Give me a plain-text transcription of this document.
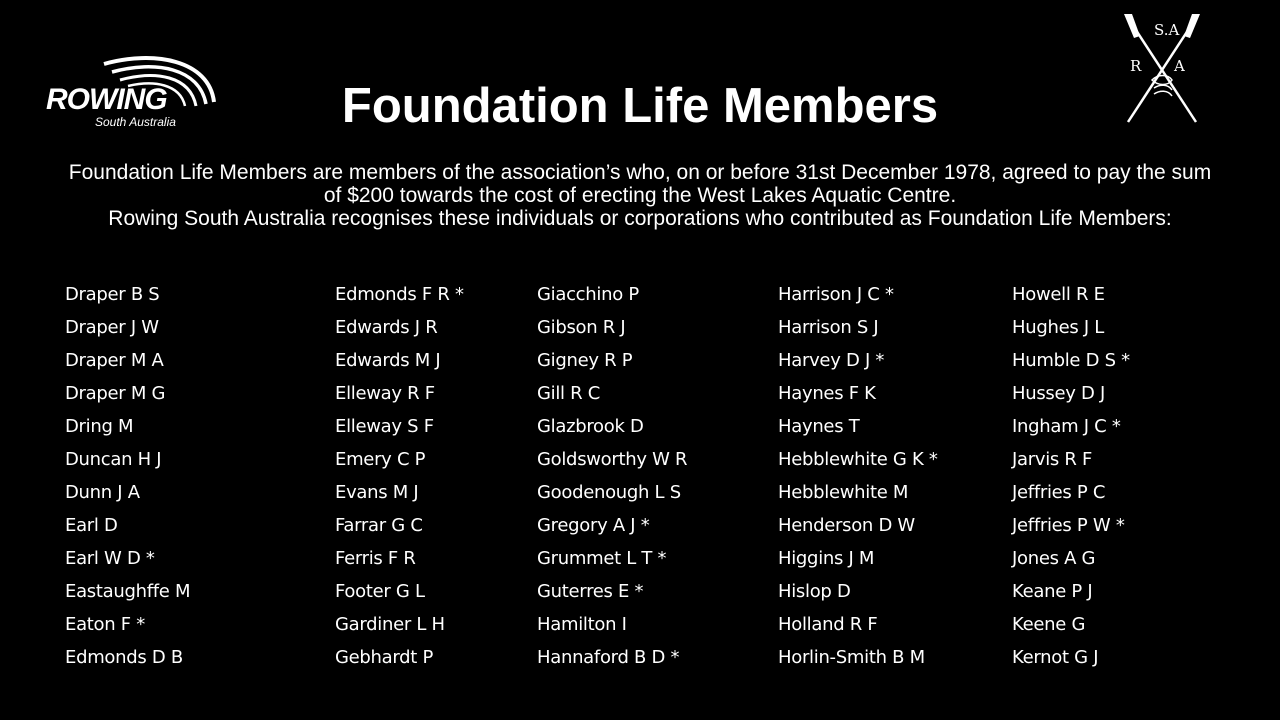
ROWING
South Australia
S.A
R A
Foundation Life Members

Foundation Life Members are members of the association’s who, on or before 31st December 1978, agreed to pay the sum of $200 towards the cost of erecting the West Lakes Aquatic Centre.

Rowing South Australia recognises these individuals or corporations who contributed as Foundation Life Members:

Draper B S
Draper J W
Draper M A
Draper M G
Dring M
Duncan H J
Dunn J A
Earl D
Earl W D *
Eastaughffe M
Eaton F *
Edmonds D B
Edmonds F R *
Edwards J R
Edwards M J
Elleway R F
Elleway S F
Emery C P
Evans M J
Farrar G C
Ferris F R
Footer G L
Gardiner L H
Gebhardt P
Giacchino P
Gibson R J
Gigney R P
Gill R C
Glazbrook D
Goldsworthy W R
Goodenough L S
Gregory A J *
Grummet L T *
Guterres E *
Hamilton I
Hannaford B D *
Harrison J C *
Harrison S J
Harvey D J *
Haynes F K
Haynes T
Hebblewhite G K *
Hebblewhite M
Henderson D W
Higgins J M
Hislop D
Holland R F
Horlin-Smith B M
Howell R E
Hughes J L
Humble D S *
Hussey D J
Ingham J C *
Jarvis R F
Jeffries P C
Jeffries P W *
Jones A G
Keane P J
Keene G
Kernot G J
